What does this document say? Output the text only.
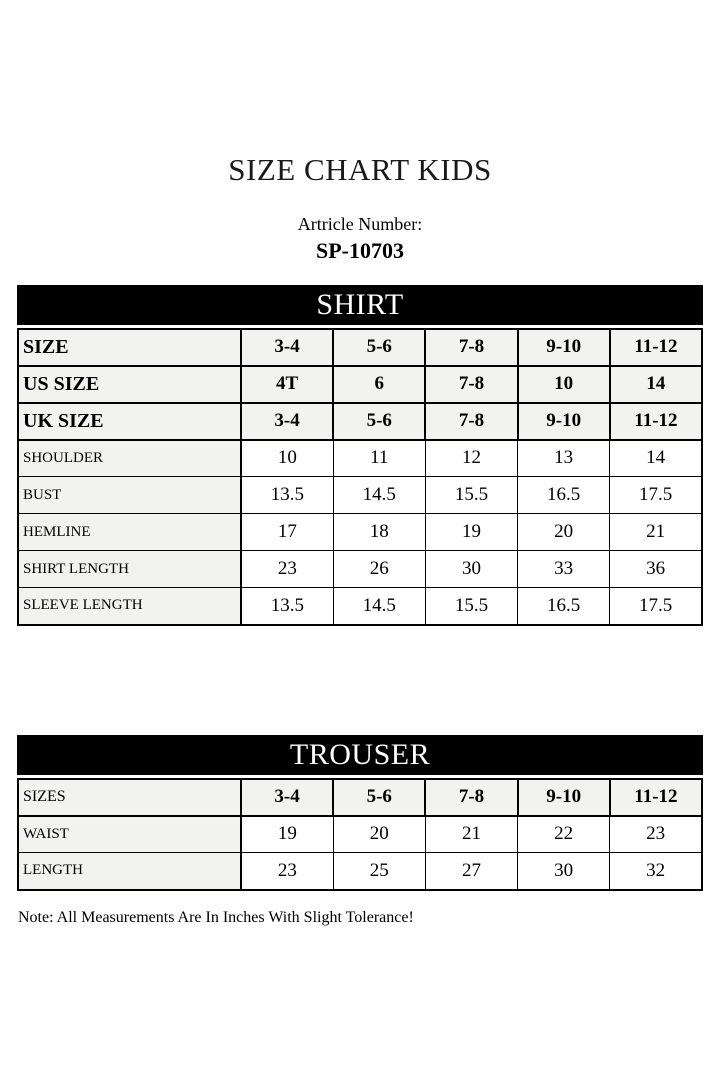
SIZE CHART KIDS
Artricle Number:
SP-10703
SHIRT
SIZE	3-4	5-6	7-8	9-10	11-12
US SIZE	4T	6	7-8	10	14
UK SIZE	3-4	5-6	7-8	9-10	11-12
SHOULDER	10	11	12	13	14
BUST	13.5	14.5	15.5	16.5	17.5
HEMLINE	17	18	19	20	21
SHIRT LENGTH	23	26	30	33	36
SLEEVE LENGTH	13.5	14.5	15.5	16.5	17.5
TROUSER
SIZES	3-4	5-6	7-8	9-10	11-12
WAIST	19	20	21	22	23
LENGTH	23	25	27	30	32
Note: All Measurements Are In Inches With Slight Tolerance!
